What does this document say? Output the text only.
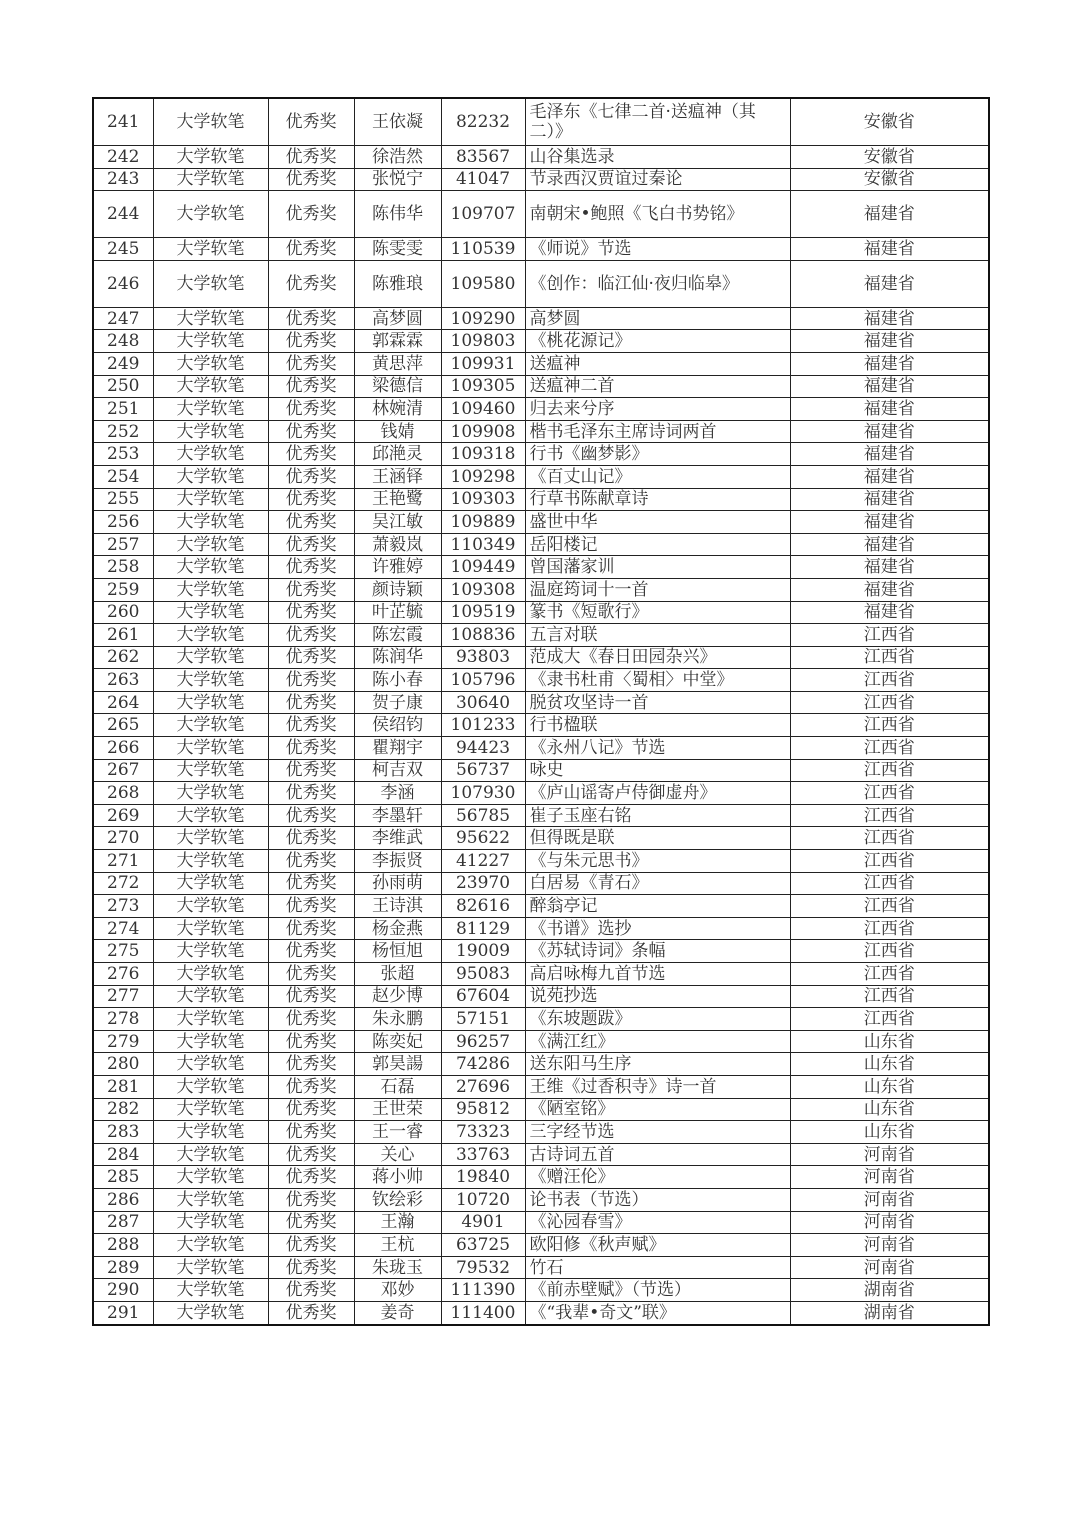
241	大学软笔	优秀奖	王依凝	82232	毛泽东《七律二首·送瘟神（其二）》	安徽省
242	大学软笔	优秀奖	徐浩然	83567	山谷集选录	安徽省
243	大学软笔	优秀奖	张悦宁	41047	节录西汉贾谊过秦论	安徽省
244	大学软笔	优秀奖	陈伟华	109707	南朝宋•鲍照《飞白书势铭》	福建省
245	大学软笔	优秀奖	陈雯雯	110539	《师说》节选	福建省
246	大学软笔	优秀奖	陈雅琅	109580	《创作：临江仙·夜归临皋》	福建省
247	大学软笔	优秀奖	高梦圆	109290	高梦圆	福建省
248	大学软笔	优秀奖	郭霖霖	109803	《桃花源记》	福建省
249	大学软笔	优秀奖	黄思萍	109931	送瘟神	福建省
250	大学软笔	优秀奖	梁德信	109305	送瘟神二首	福建省
251	大学软笔	优秀奖	林婉清	109460	归去来兮序	福建省
252	大学软笔	优秀奖	钱婧	109908	楷书毛泽东主席诗词两首	福建省
253	大学软笔	优秀奖	邱滟灵	109318	行书《幽梦影》	福建省
254	大学软笔	优秀奖	王涵铎	109298	《百丈山记》	福建省
255	大学软笔	优秀奖	王艳鹭	109303	行草书陈献章诗	福建省
256	大学软笔	优秀奖	吴江敏	109889	盛世中华	福建省
257	大学软笔	优秀奖	萧毅岚	110349	岳阳楼记	福建省
258	大学软笔	优秀奖	许雅婷	109449	曾国藩家训	福建省
259	大学软笔	优秀奖	颜诗颖	109308	温庭筠词十一首	福建省
260	大学软笔	优秀奖	叶芷毓	109519	篆书《短歌行》	福建省
261	大学软笔	优秀奖	陈宏霞	108836	五言对联	江西省
262	大学软笔	优秀奖	陈润华	93803	范成大《春日田园杂兴》	江西省
263	大学软笔	优秀奖	陈小春	105796	《隶书杜甫〈蜀相〉中堂》	江西省
264	大学软笔	优秀奖	贺子康	30640	脱贫攻坚诗一首	江西省
265	大学软笔	优秀奖	侯绍钧	101233	行书楹联	江西省
266	大学软笔	优秀奖	瞿翔宇	94423	《永州八记》节选	江西省
267	大学软笔	优秀奖	柯吉双	56737	咏史	江西省
268	大学软笔	优秀奖	李涵	107930	《庐山谣寄卢侍御虚舟》	江西省
269	大学软笔	优秀奖	李墨轩	56785	崔子玉座右铭	江西省
270	大学软笔	优秀奖	李维武	95622	但得既是联	江西省
271	大学软笔	优秀奖	李振贤	41227	《与朱元思书》	江西省
272	大学软笔	优秀奖	孙雨萌	23970	白居易《青石》	江西省
273	大学软笔	优秀奖	王诗淇	82616	醉翁亭记	江西省
274	大学软笔	优秀奖	杨金燕	81129	《书谱》选抄	江西省
275	大学软笔	优秀奖	杨恒旭	19009	《苏轼诗词》条幅	江西省
276	大学软笔	优秀奖	张超	95083	高启咏梅九首节选	江西省
277	大学软笔	优秀奖	赵少博	67604	说苑抄选	江西省
278	大学软笔	优秀奖	朱永鹏	57151	《东坡题跋》	江西省
279	大学软笔	优秀奖	陈奕妃	96257	《满江红》	山东省
280	大学软笔	优秀奖	郭昊諹	74286	送东阳马生序	山东省
281	大学软笔	优秀奖	石磊	27696	王维《过香积寺》诗一首	山东省
282	大学软笔	优秀奖	王世荣	95812	《陋室铭》	山东省
283	大学软笔	优秀奖	王一睿	73323	三字经节选	山东省
284	大学软笔	优秀奖	关心	33763	古诗词五首	河南省
285	大学软笔	优秀奖	蒋小帅	19840	《赠汪伦》	河南省
286	大学软笔	优秀奖	钦绘彩	10720	论书表（节选）	河南省
287	大学软笔	优秀奖	王瀚	4901	《沁园春雪》	河南省
288	大学软笔	优秀奖	王杭	63725	欧阳修《秋声赋》	河南省
289	大学软笔	优秀奖	朱珑玉	79532	竹石	河南省
290	大学软笔	优秀奖	邓妙	111390	《前赤壁赋》（节选）	湖南省
291	大学软笔	优秀奖	姜奇	111400	《“我辈•奇文”联》	湖南省
